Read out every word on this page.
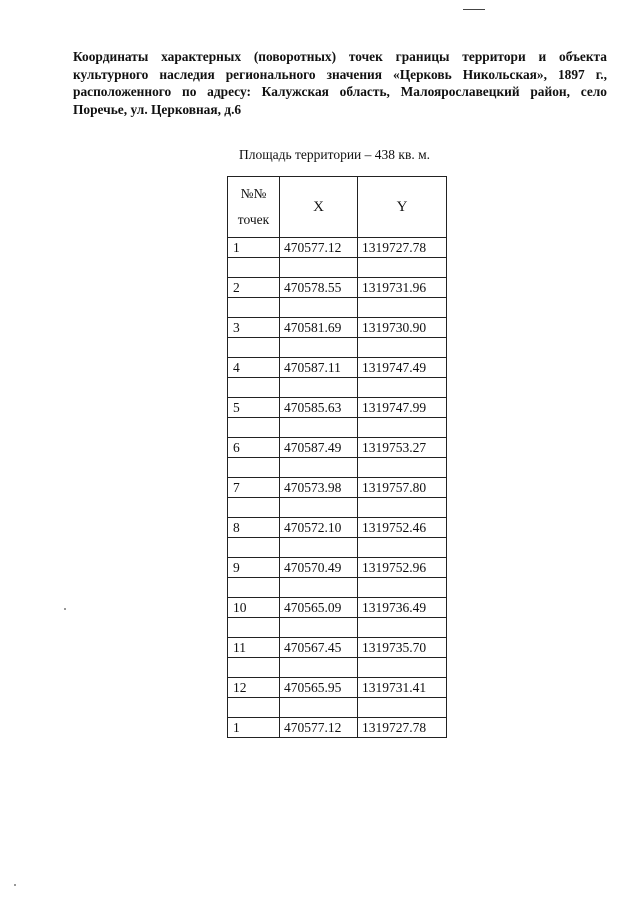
Координаты характерных (поворотных) точек границы территори и объекта культурного наследия регионального значения «Церковь Никольская», 1897 г., расположенного по адресу: Калужская область, Малоярославецкий район, село Поречье, ул. Церковная, д.6
Площадь территории – 438 кв. м.
№№
точек	X	Y
1	470577.12	1319727.78

2	470578.55	1319731.96

3	470581.69	1319730.90

4	470587.11	1319747.49

5	470585.63	1319747.99

6	470587.49	1319753.27

7	470573.98	1319757.80

8	470572.10	1319752.46

9	470570.49	1319752.96

10	470565.09	1319736.49

11	470567.45	1319735.70

12	470565.95	1319731.41

1	470577.12	1319727.78
